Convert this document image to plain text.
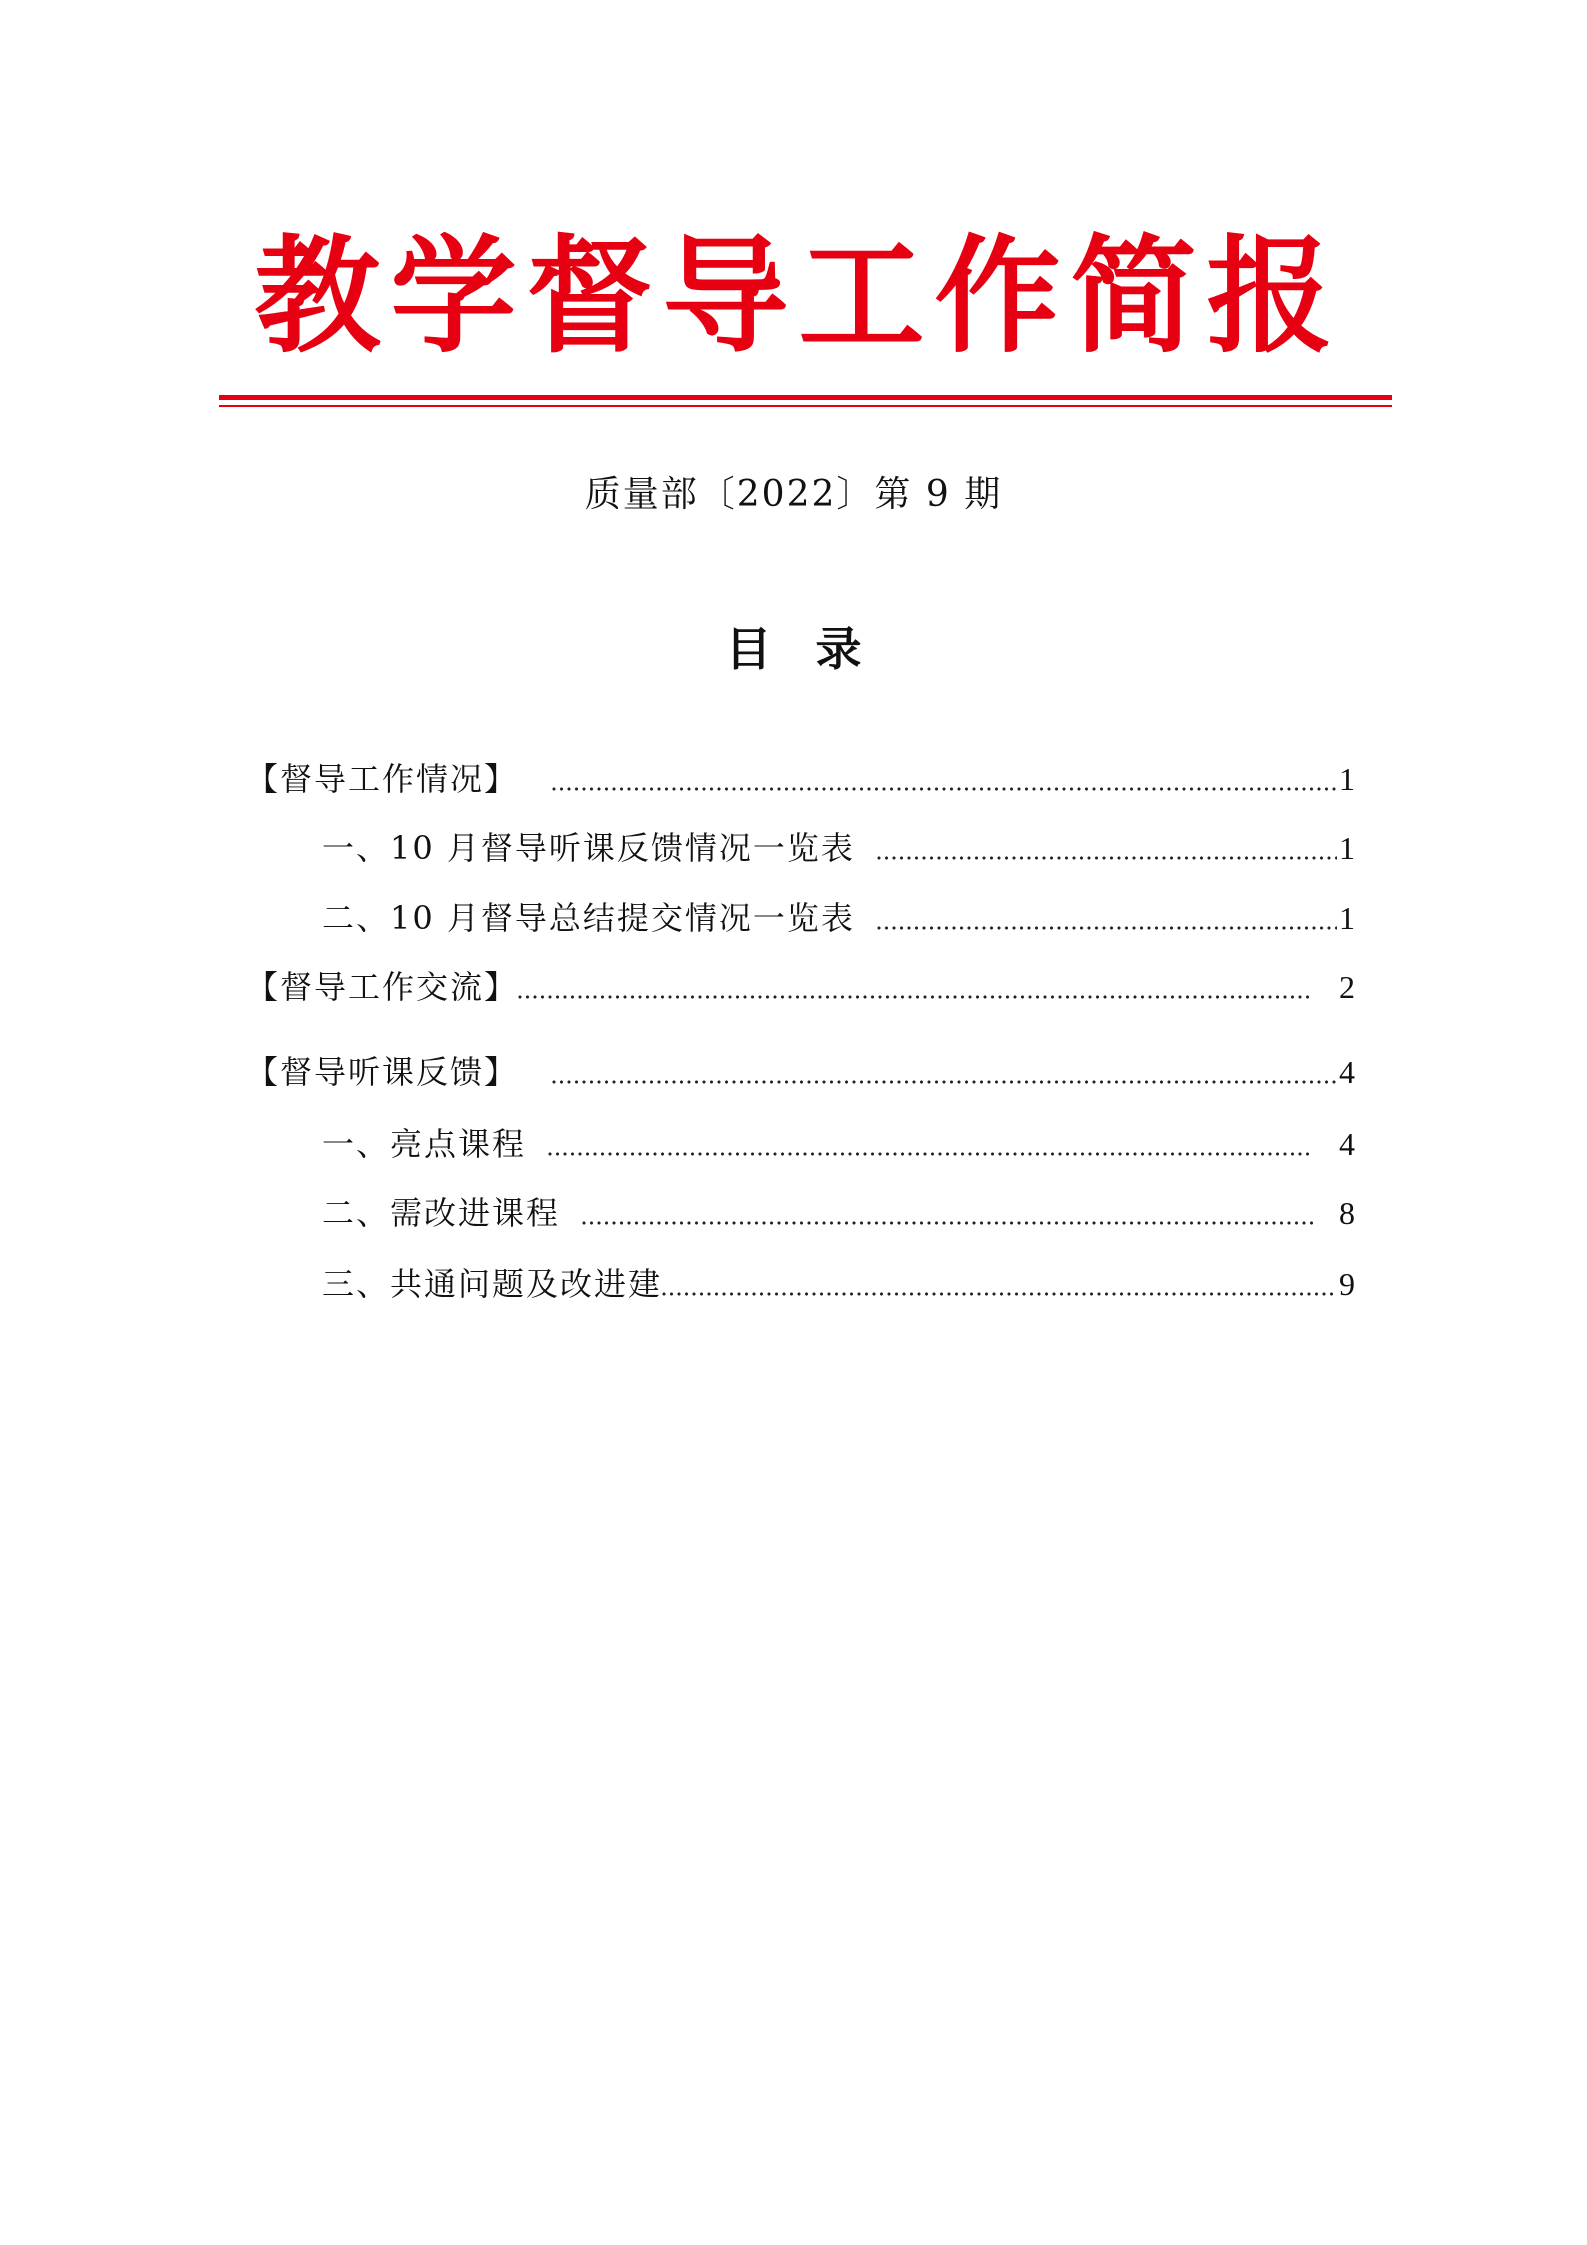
教学督导工作简报
质量部〔2022〕第 9 期
目 录
【督导工作情况】	1
一、10 月督导听课反馈情况一览表	1
二、10 月督导总结提交情况一览表	1
【督导工作交流】	2
【督导听课反馈】	4
一、亮点课程	4
二、需改进课程	8
三、共通问题及改进建	9
